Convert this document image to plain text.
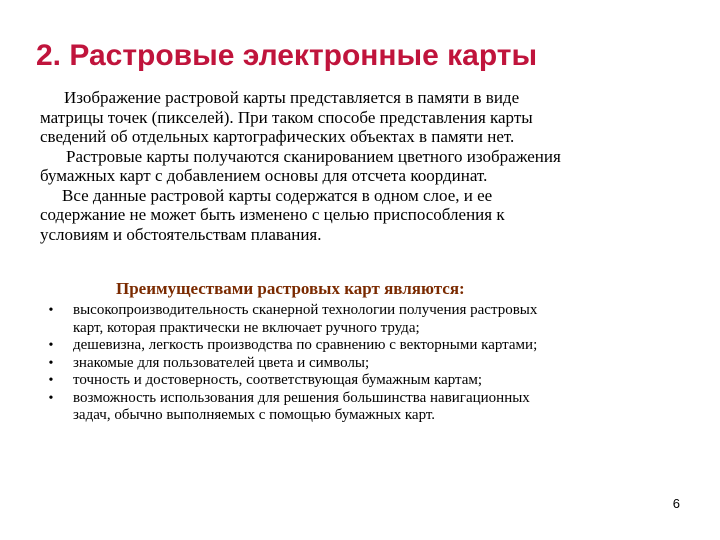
2. Растровые электронные карты

Изображение растровой карты представляется в памяти в виде
матрицы точек (пикселей). При таком способе представления карты
сведений об отдельных картографических объектах в памяти нет.

Растровые карты получаются сканированием цветного изображения
бумажных карт с добавлением основы для отсчета координат.

Все данные растровой карты содержатся в одном слое, и ее
содержание не может быть изменено с целью приспособления к
условиям и обстоятельствам плавания.

Преимуществами растровых карт являются:
•	высокопроизводительность сканерной технологии получения растровых
карт, которая практически не включает ручного труда;
•	дешевизна, легкость производства по сравнению с векторными картами;
•	знакомые для пользователей цвета и символы;
•	точность и достоверность, соответствующая бумажным картам;
•	возможность использования для решения большинства навигационных
задач, обычно выполняемых с помощью бумажных карт.
6
